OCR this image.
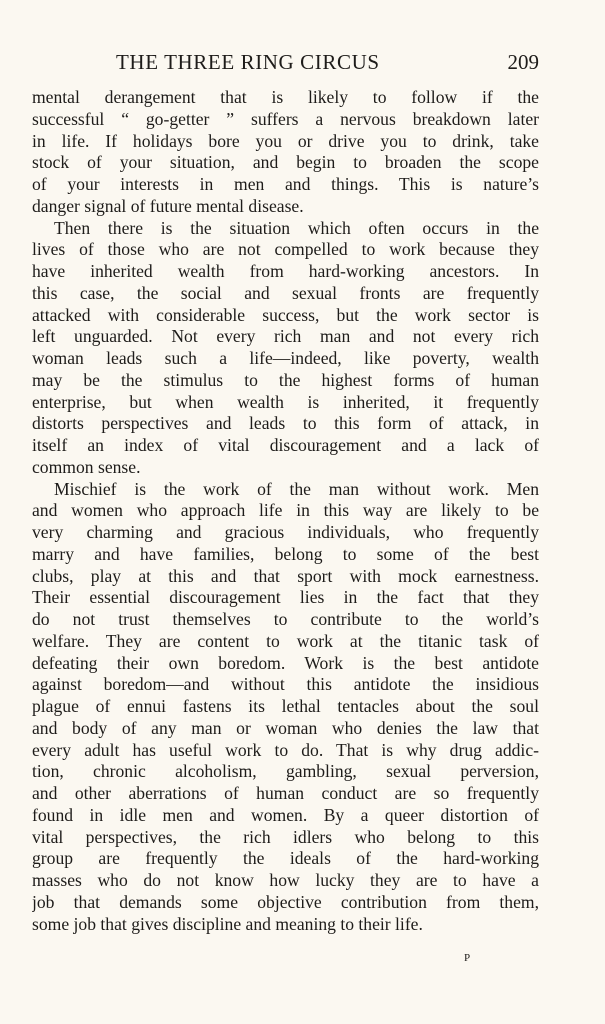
THE THREE RING CIRCUS	209
mental derangement that is likely to follow if the
successful “ go-getter ” suffers a nervous breakdown later
in life. If holidays bore you or drive you to drink, take
stock of your situation, and begin to broaden the scope
of your interests in men and things. This is nature’s
danger signal of future mental disease.
Then there is the situation which often occurs in the
lives of those who are not compelled to work because they
have inherited wealth from hard-working ancestors. In
this case, the social and sexual fronts are frequently
attacked with considerable success, but the work sector is
left unguarded. Not every rich man and not every rich
woman leads such a life—indeed, like poverty, wealth
may be the stimulus to the highest forms of human
enterprise, but when wealth is inherited, it frequently
distorts perspectives and leads to this form of attack, in
itself an index of vital discouragement and a lack of
common sense.
Mischief is the work of the man without work. Men
and women who approach life in this way are likely to be
very charming and gracious individuals, who frequently
marry and have families, belong to some of the best
clubs, play at this and that sport with mock earnestness.
Their essential discouragement lies in the fact that they
do not trust themselves to contribute to the world’s
welfare. They are content to work at the titanic task of
defeating their own boredom. Work is the best antidote
against boredom—and without this antidote the insidious
plague of ennui fastens its lethal tentacles about the soul
and body of any man or woman who denies the law that
every adult has useful work to do. That is why drug addic-
tion, chronic alcoholism, gambling, sexual perversion,
and other aberrations of human conduct are so frequently
found in idle men and women. By a queer distortion of
vital perspectives, the rich idlers who belong to this
group are frequently the ideals of the hard-working
masses who do not know how lucky they are to have a
job that demands some objective contribution from them,
some job that gives discipline and meaning to their life.
P
